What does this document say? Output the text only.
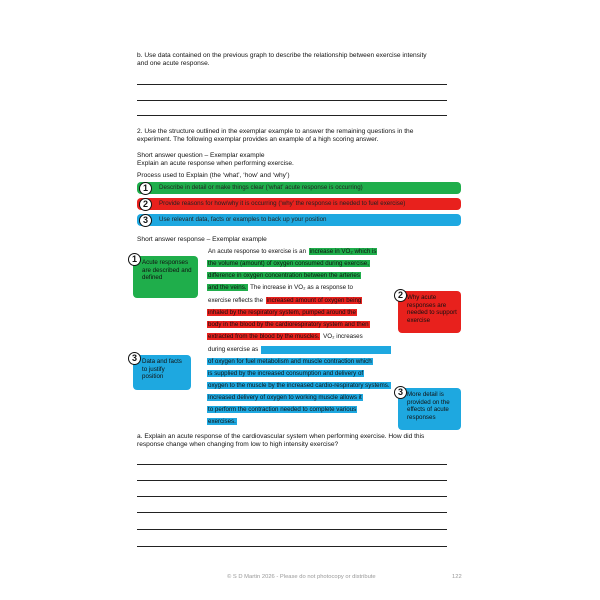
b. Use data contained on the previous graph to describe the relationship between exercise intensity
and one acute response.
2. Use the structure outlined in the exemplar example to answer the remaining questions in the
experiment. The following exemplar provides an example of a high scoring answer.
Short answer question – Exemplar example
Explain an acute response when performing exercise.
Process used to Explain (the ‘what’, ‘how’ and ‘why’)
Describe in detail or make things clear (‘what’ acute response is occurring)
1
Provide reasons for how/why it is occurring (‘why’ the response is needed to fuel exercise)
2
Use relevant data, facts or examples to back up your position
3
Short answer response – Exemplar example
An acute response to exercise is an increase in VO₂ which is
the volume (amount) of oxygen consumed during exercise,
difference in oxygen concentration between the arteries
and the veins. The increase in VO₂ as a response to
exercise reflects the increased amount of oxygen being
inhaled by the respiratory system, pumped around the
body in the blood by the cardiorespiratory system and then
extracted from the blood by the muscles. VO₂ increases
during exercise as
of oxygen for fuel metabolism and muscle contraction which
is supplied by the increased consumption and delivery of
oxygen to the muscle by the increased cardio-respiratory systems.
Increased delivery of oxygen to working muscle allows it
to perform the contraction needed to complete various
exercises.
Acute responses are described and defined
1
Why acute responses are needed to support exercise
2
Data and facts to justify position
3
More detail is provided on the effects of acute responses
3
a. Explain an acute response of the cardiovascular system when performing exercise. How did this
response change when changing from low to high intensity exercise?
© S D Martin 2026 - Please do not photocopy or distribute	122
